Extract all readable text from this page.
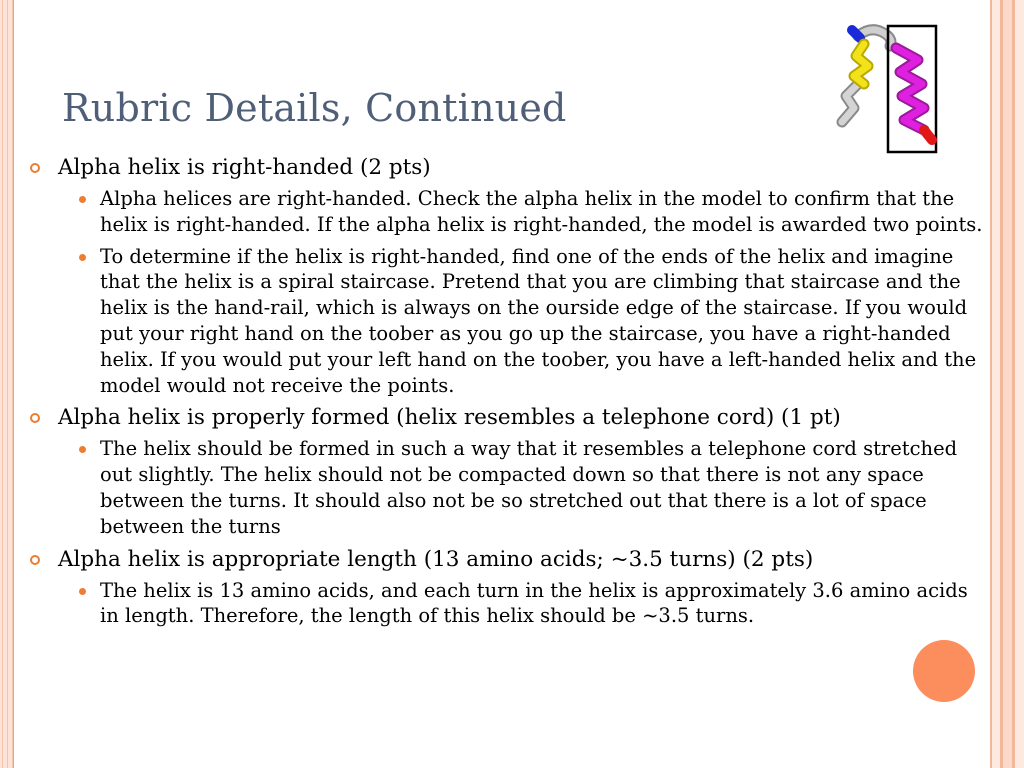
Rubric Details, Continued
Alpha helix is right-handed (2 pts)
Alpha helices are right-handed. Check the alpha helix in the model to confirm that the helix is right-handed. If the alpha helix is right-handed, the model is awarded two points.
To determine if the helix is right-handed, find one of the ends of the helix and imagine that the helix is a spiral staircase. Pretend that you are climbing that staircase and the helix is the hand-rail, which is always on the ourside edge of the staircase. If you would put your right hand on the toober as you go up the staircase, you have a right-handed helix. If you would put your left hand on the toober, you have a left-handed helix and the model would not receive the points.
Alpha helix is properly formed (helix resembles a telephone cord) (1 pt)
The helix should be formed in such a way that it resembles a telephone cord stretched out slightly. The helix should not be compacted down so that there is not any space between the turns. It should also not be so stretched out that there is a lot of space between the turns
Alpha helix is appropriate length (13 amino acids; ~3.5 turns) (2 pts)
The helix is 13 amino acids, and each turn in the helix is approximately 3.6 amino acids in length. Therefore, the length of this helix should be ~3.5 turns.
